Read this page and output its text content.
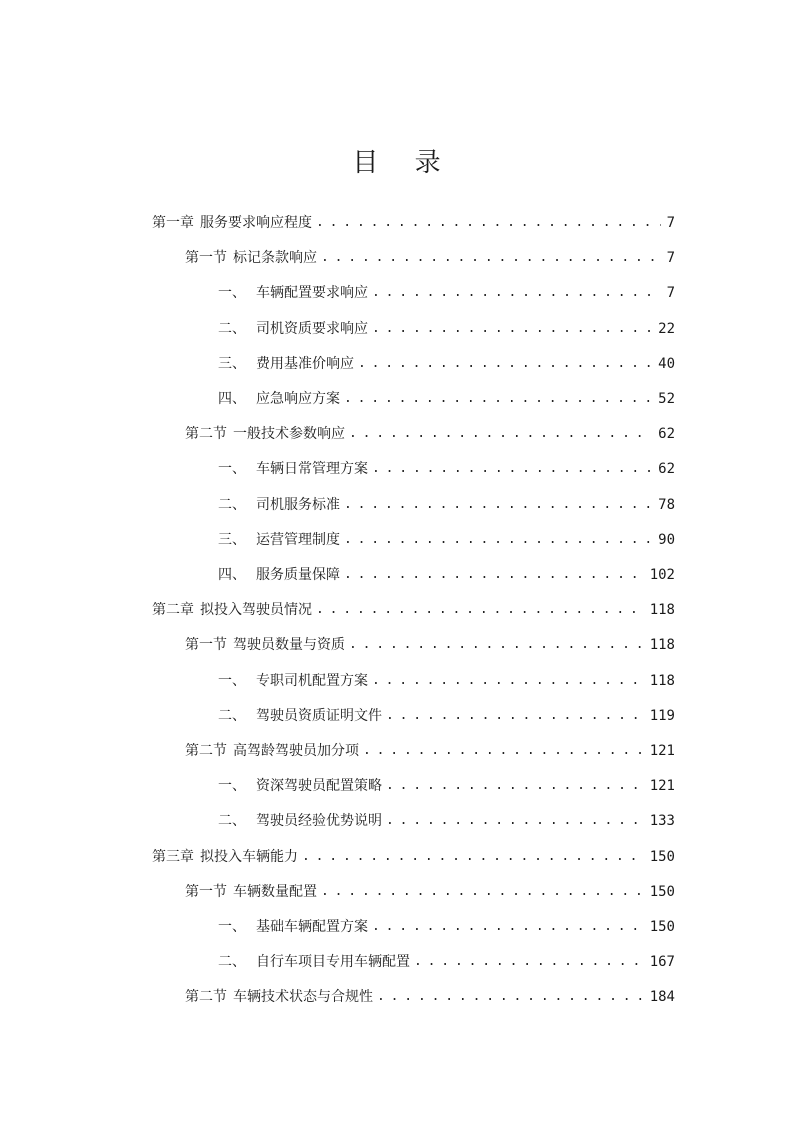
目 录
第一章 服务要求响应程度 . . .	7
第一节 标记条款响应 . . .	7
一、 车辆配置要求响应 . . .	7
二、 司机资质要求响应 . . .	22
三、 费用基准价响应 . . .	40
四、 应急响应方案 . . .	52
第二节 一般技术参数响应 . . .	62
一、 车辆日常管理方案 . . .	62
二、 司机服务标准 . . .	78
三、 运营管理制度 . . .	90
四、 服务质量保障 . . .	102
第二章 拟投入驾驶员情况 . . .	118
第一节 驾驶员数量与资质 . . .	118
一、 专职司机配置方案 . . .	118
二、 驾驶员资质证明文件 . . .	119
第二节 高驾龄驾驶员加分项 . . .	121
一、 资深驾驶员配置策略 . . .	121
二、 驾驶员经验优势说明 . . .	133
第三章 拟投入车辆能力 . . .	150
第一节 车辆数量配置 . . .	150
一、 基础车辆配置方案 . . .	150
二、 自行车项目专用车辆配置 . . .	167
第二节 车辆技术状态与合规性 . . .	184
